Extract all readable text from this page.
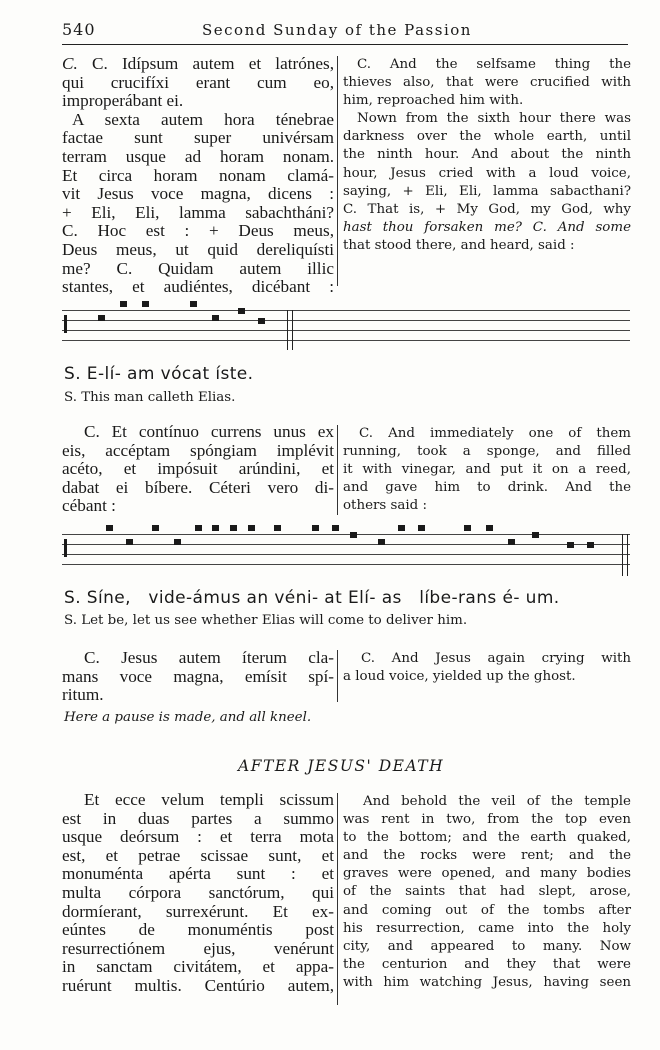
540	Second Sunday of the Passion
C. C. Idípsum autem et latrónes,
qui crucifíxi erant cum eo,
improperábant ei.
A sexta autem hora ténebrae
factae sunt super univérsam
terram usque ad horam nonam.
Et circa horam nonam clamá-
vit Jesus voce magna, dicens :
+ Eli, Eli, lamma sabachtháni?
C. Hoc est : + Deus meus,
Deus meus, ut quid dereliquísti
me? C. Quidam autem illic
stantes, et audiéntes, dicébant :
C. And the selfsame thing the
thieves also, that were crucified with
him, reproached him with.
Nown from the sixth hour there was
darkness over the whole earth, until
the ninth hour. And about the ninth
hour, Jesus cried with a loud voice,
saying, + Eli, Eli, lamma sabacthani?
C. That is, + My God, my God, why
hast thou forsaken me? C. And some
that stood there, and heard, said :
S. E-lí- am vócat íste.
S. This man calleth Elias.
C. Et contínuo currens unus ex
eis, accéptam spóngiam implévit
acéto, et impósuit arúndini, et
dabat ei bíbere. Céteri vero di-
cébant :
C. And immediately one of them
running, took a sponge, and filled
it with vinegar, and put it on a reed,
and gave him to drink. And the
others said :
S. Síne,   vide-ámus an véni- at Elí- as   líbe-rans é- um.
S. Let be, let us see whether Elias will come to deliver him.
C. Jesus autem íterum cla-
mans voce magna, emísit spí-
ritum.
C. And Jesus again crying with
a loud voice, yielded up the ghost.
Here a pause is made, and all kneel.
AFTER JESUS' DEATH
Et ecce velum templi scissum
est in duas partes a summo
usque deórsum : et terra mota
est, et petrae scissae sunt, et
monuménta apérta sunt : et
multa córpora sanctórum, qui
dormíerant, surrexérunt. Et ex-
eúntes de monuméntis post
resurrectiónem ejus, venérunt
in sanctam civitátem, et appa-
ruérunt multis. Centúrio autem,
And behold the veil of the temple
was rent in two, from the top even
to the bottom; and the earth quaked,
and the rocks were rent; and the
graves were opened, and many bodies
of the saints that had slept, arose,
and coming out of the tombs after
his resurrection, came into the holy
city, and appeared to many. Now
the centurion and they that were
with him watching Jesus, having seen
